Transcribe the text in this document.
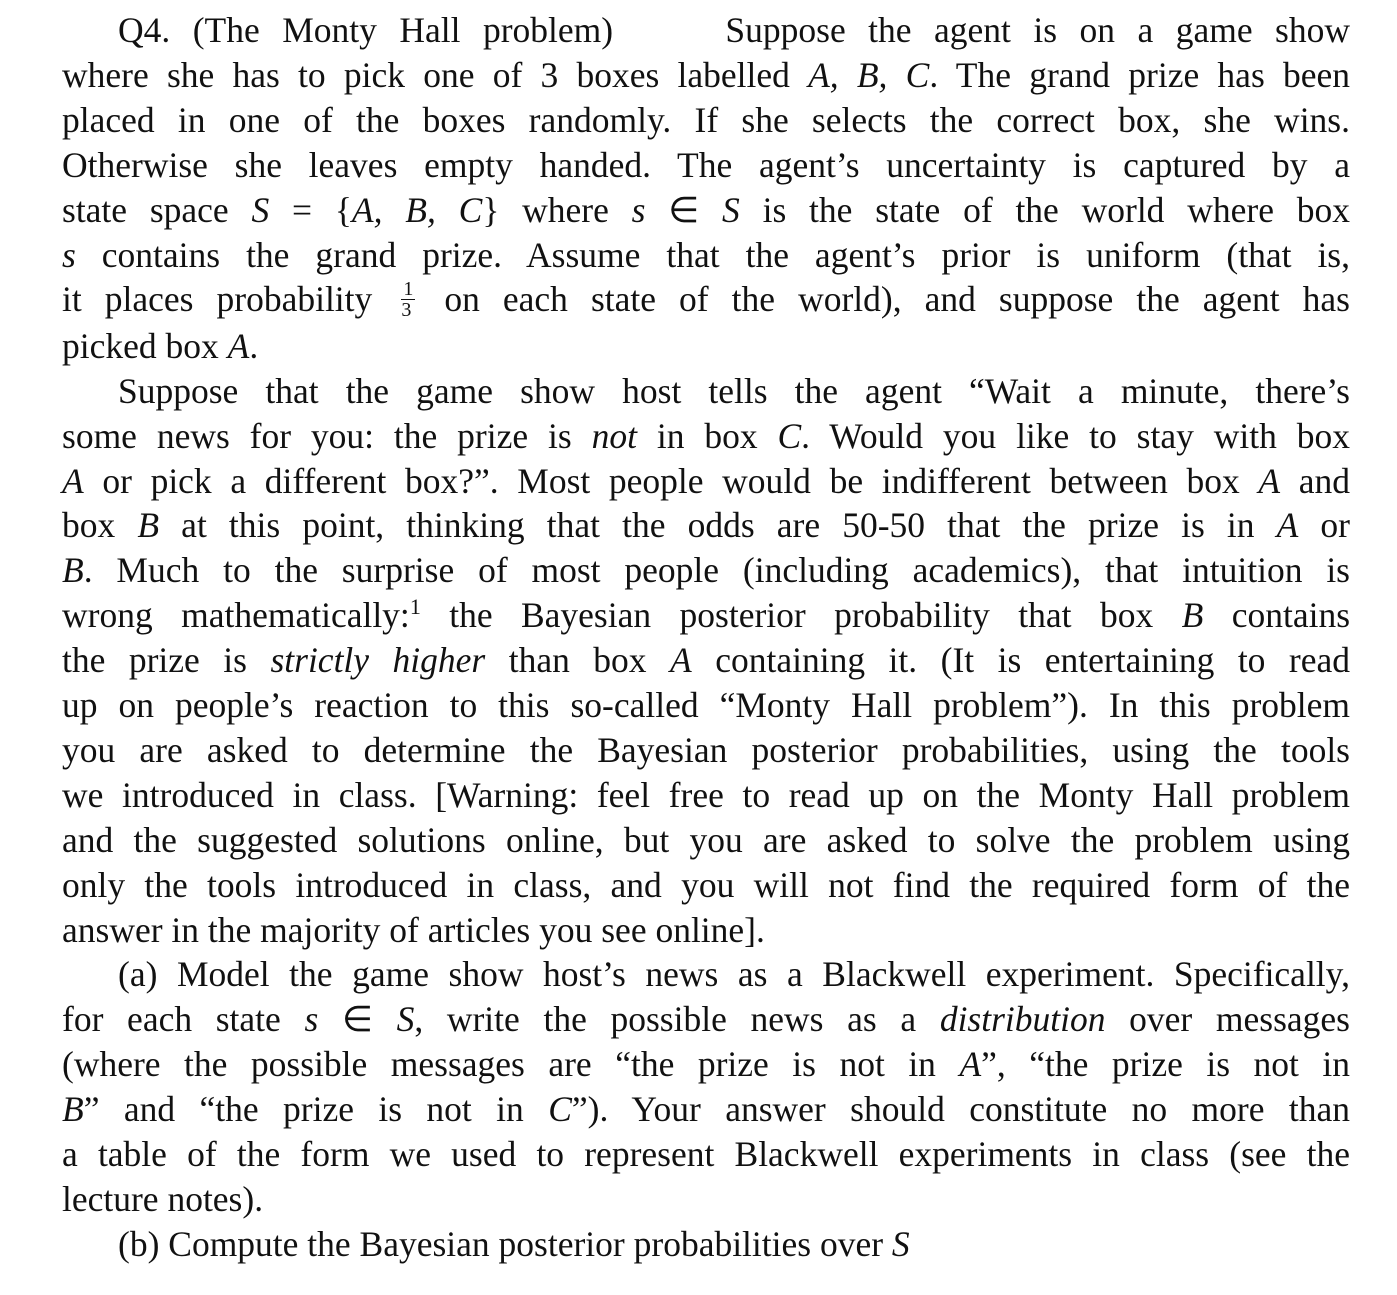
Q4. (The Monty Hall problem)     Suppose the agent is on a game show
where she has to pick one of 3 boxes labelled A, B, C. The grand prize has been
placed in one of the boxes randomly. If she selects the correct box, she wins.
Otherwise she leaves empty handed. The agent’s uncertainty is captured by a
state space S = {A, B, C} where s ∈ S is the state of the world where box
s contains the grand prize. Assume that the agent’s prior is uniform (that is,
it places probability $\frac{1}{3}$ on each state of the world), and suppose the agent has
picked box A.

Suppose that the game show host tells the agent “Wait a minute, there’s
some news for you: the prize is not in box C. Would you like to stay with box
A or pick a different box?”. Most people would be indifferent between box A and
box B at this point, thinking that the odds are 50-50 that the prize is in A or
B. Much to the surprise of most people (including academics), that intuition is
wrong mathematically:$^1$ the Bayesian posterior probability that box B contains
the prize is strictly higher than box A containing it. (It is entertaining to read
up on people’s reaction to this so-called “Monty Hall problem”). In this problem
you are asked to determine the Bayesian posterior probabilities, using the tools
we introduced in class. [Warning: feel free to read up on the Monty Hall problem
and the suggested solutions online, but you are asked to solve the problem using
only the tools introduced in class, and you will not find the required form of the
answer in the majority of articles you see online].

(a) Model the game show host’s news as a Blackwell experiment. Specifically,
for each state s ∈ S, write the possible news as a distribution over messages
(where the possible messages are “the prize is not in A”, “the prize is not in
B” and “the prize is not in C”). Your answer should constitute no more than
a table of the form we used to represent Blackwell experiments in class (see the
lecture notes).

(b) Compute the Bayesian posterior probabilities over S
